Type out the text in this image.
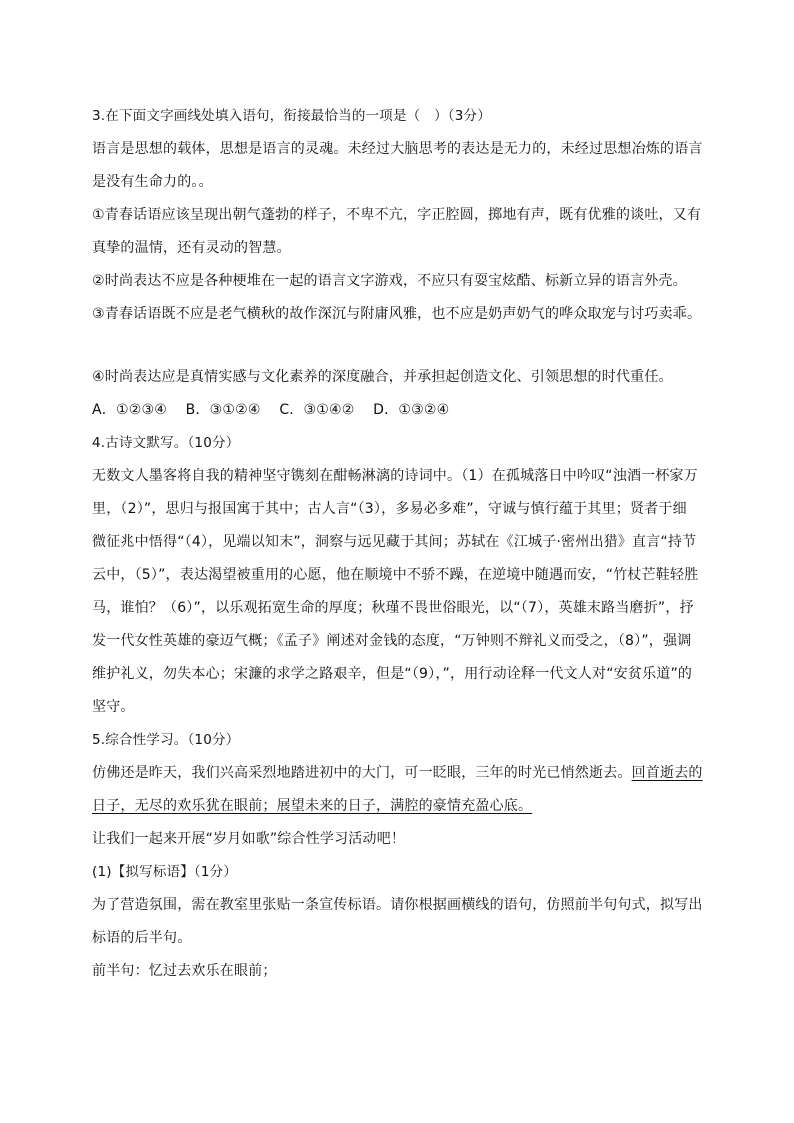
3.在下面文字画线处填入语句，衔接最恰当的一项是（　）（3分）
语言是思想的载体，思想是语言的灵魂。未经过大脑思考的表达是无力的，未经过思想冶炼的语言
是没有生命力的。。
①青春话语应该呈现出朝气蓬勃的样子，不卑不亢，字正腔圆，掷地有声，既有优雅的谈吐，又有
真挚的温情，还有灵动的智慧。
②时尚表达不应是各种梗堆在一起的语言文字游戏，不应只有耍宝炫酷、标新立异的语言外壳。
③青春话语既不应是老气横秋的故作深沉与附庸风雅，也不应是奶声奶气的哗众取宠与讨巧卖乖。
④时尚表达应是真情实感与文化素养的深度融合，并承担起创造文化、引领思想的时代重任。
A．①②③④ B．③①②④ C．③①④② D．①③②④
4.古诗文默写。（10分）
无数文人墨客将自我的精神坚守镌刻在酣畅淋漓的诗词中。（1）在孤城落日中吟叹“浊酒一杯家万
里，（2）”，思归与报国寓于其中；古人言“（3），多易必多难”，守诚与慎行蕴于其里；贤者于细
微征兆中悟得“（4），见端以知末”，洞察与远见藏于其间；苏轼在《江城子·密州出猎》直言“持节
云中，（5）”，表达渴望被重用的心愿，他在顺境中不骄不躁，在逆境中随遇而安，“竹杖芒鞋轻胜
马，谁怕？（6）”，以乐观拓宽生命的厚度；秋瑾不畏世俗眼光，以“（7），英雄末路当磨折”，抒
发一代女性英雄的豪迈气概；《孟子》阐述对金钱的态度，“万钟则不辩礼义而受之，（8）”，强调
维护礼义，勿失本心；宋濂的求学之路艰辛，但是“（9），”，用行动诠释一代文人对“安贫乐道”的
坚守。
5.综合性学习。（10分）
仿佛还是昨天，我们兴高采烈地踏进初中的大门，可一眨眼，三年的时光已悄然逝去。回首逝去的
日子，无尽的欢乐犹在眼前；展望未来的日子，满腔的豪情充盈心底。
让我们一起来开展“岁月如歌”综合性学习活动吧！
(1)【拟写标语】（1分）
为了营造氛围，需在教室里张贴一条宣传标语。请你根据画横线的语句，仿照前半句句式，拟写出
标语的后半句。
前半句：忆过去欢乐在眼前；
